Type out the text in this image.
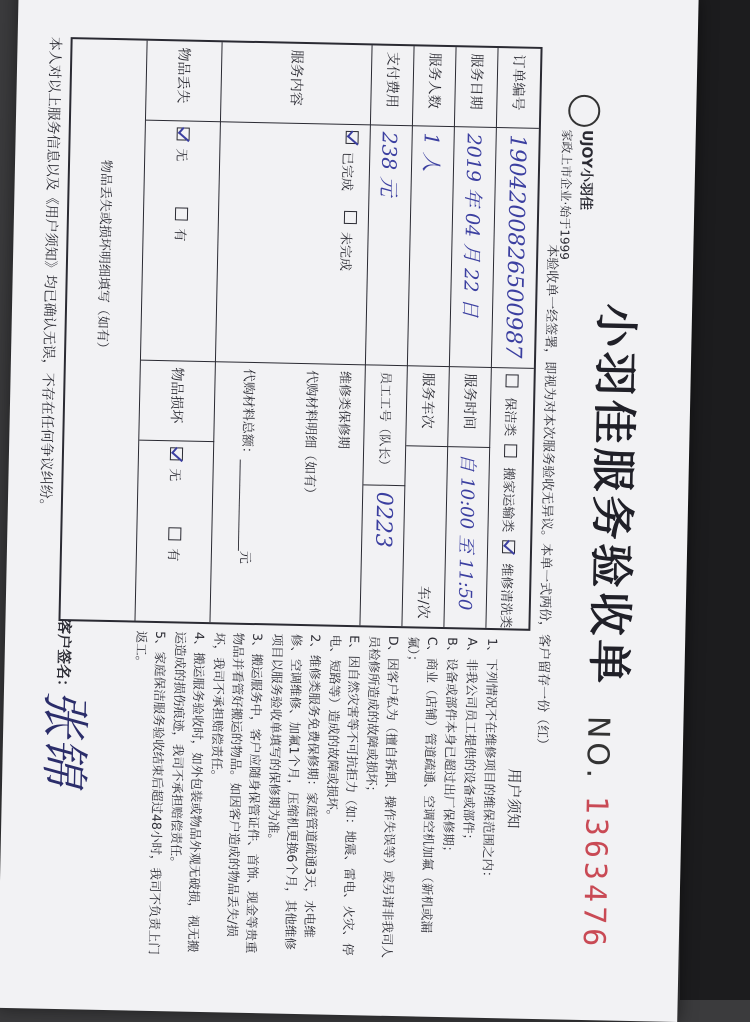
UJOY小羽佳
家政上市企业·始于1999
小羽佳服务验收单
NO. 1363476
本验收单一经签署，即视为对本次服务验收无异议。本单一式两份，客户留存一份（红）
订单编号
1904200826500987
保洁类
搬家运输类
维修清洗类
服务日期
2019 年 04 月 22 日
服务时间
自 10:00 至 11:50
服务人数
1 人
服务车次
车/次
支付费用
238 元
员工工号（队长）
0223
服务内容
已完成
未完成
维修类保修期
代购材料明细（如有）
代购材料总额：______________元
物品丢失
无
有
物品损坏
无
有
物品丢失或损坏明细填写（如有）
用户须知

1、下列情况不在维修项目的维保范围之内：

A、非我公司员工提供的设备或部件；

B、设备或部件本身已超过出厂保修期；

C、商业（店铺）管道疏通、空调空机加氟（新机或漏氟）；

D、因客户私为（擅自拆卸、操作失误等）或另请非我司人员检修所造成的故障或损坏；

E、因自然灾害等不可抗拒力（如：地震、雷电、火灾、停电、短路等）造成的故障或损坏。

2、维修类服务免费保修期：家庭管道疏通3天，水电维修、空调维修、加氟1个月，压缩机更换6个月，其他维修项目以服务验收单填写的保修期为准。

3、搬运服务中，客户应随身保管证件、首饰、现金等贵重物品并看管好搬运的物品。如因客户造成的物品丢失/损坏，我司不承担赔偿责任。

4、搬运服务验收时，如外包装或物品外观无破损，视无搬运造成的损伤痕迹，我司不承担赔偿责任。

5、家庭保洁服务验收结束后超过48小时，我司不负责上门返工。

客户签名：
张锦
本人对以上服务信息以及《用户须知》均已确认无误，不存在任何争议纠纷。
